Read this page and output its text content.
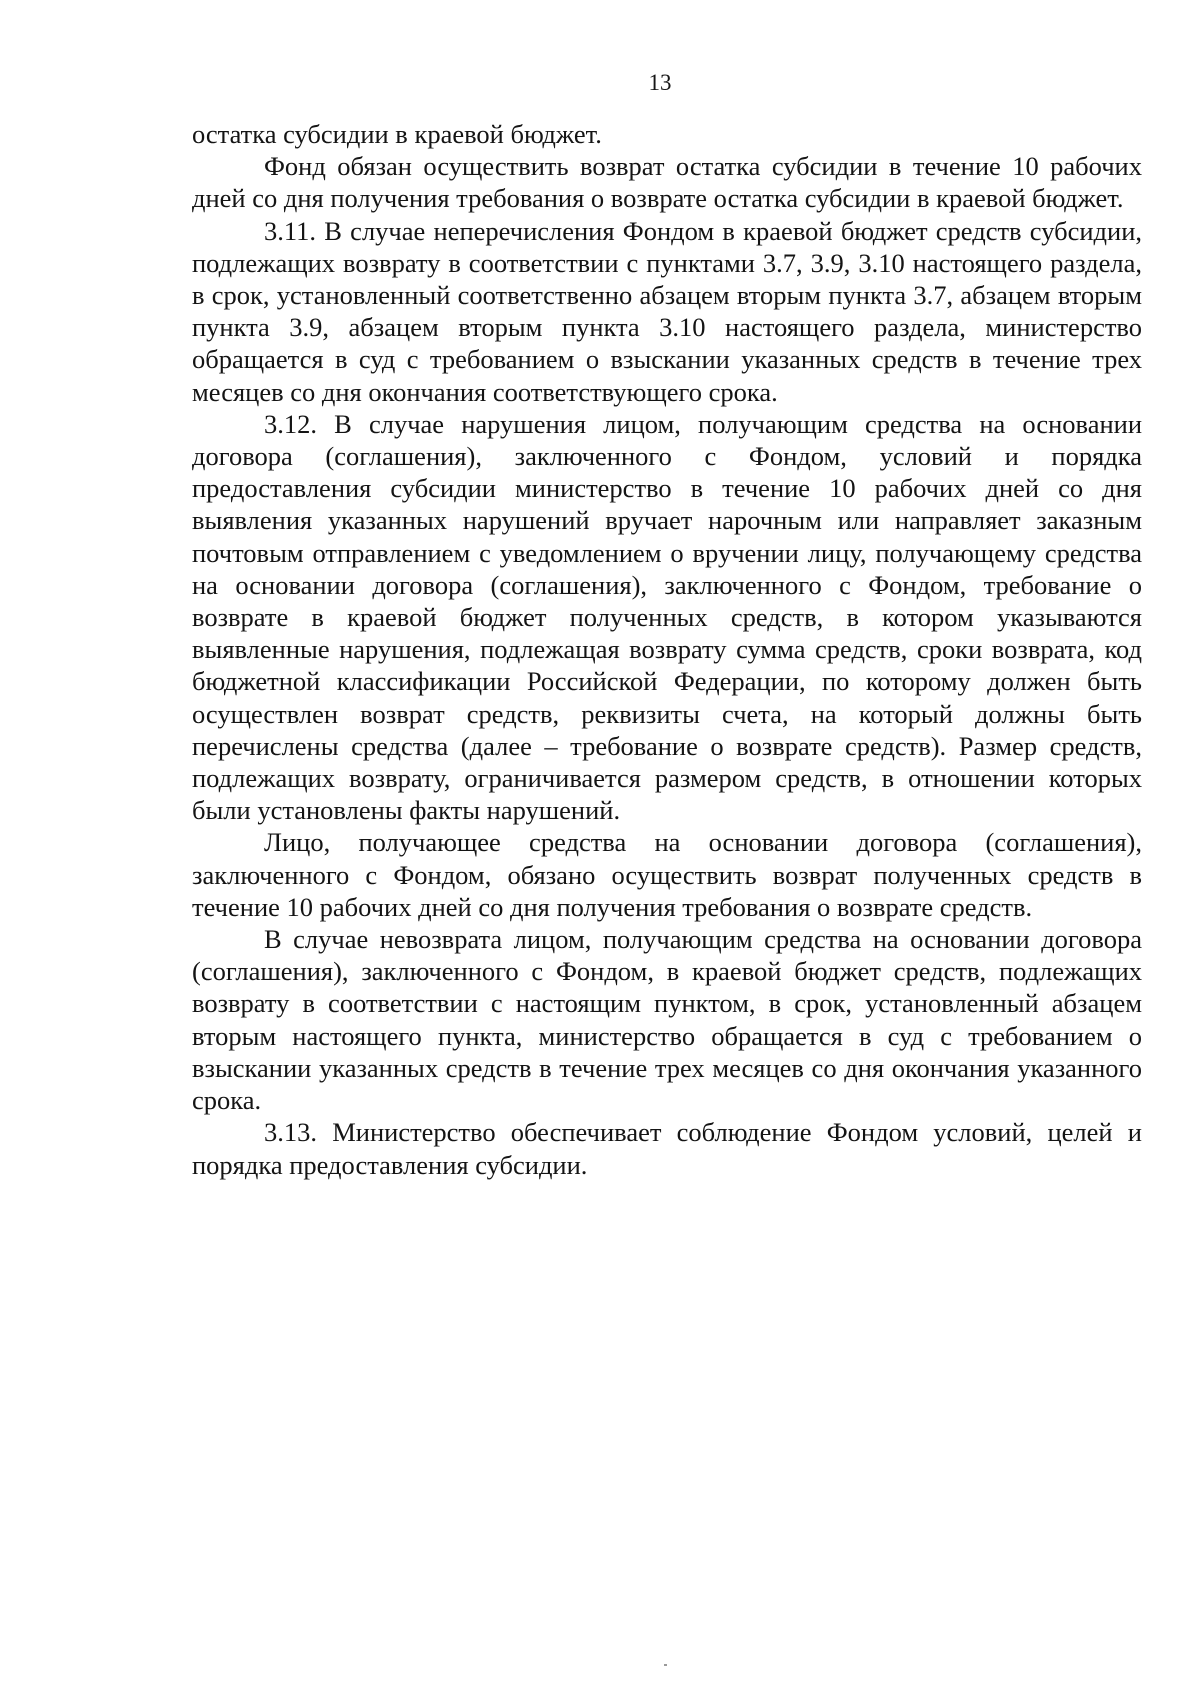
13

остатка субсидии в краевой бюджет.

Фонд обязан осуществить возврат остатка субсидии в течение 10 рабочих дней со дня получения требования о возврате остатка субсидии в краевой бюджет.

3.11. В случае неперечисления Фондом в краевой бюджет средств субсидии, подлежащих возврату в соответствии с пунктами 3.7, 3.9, 3.10 настоящего раздела, в срок, установленный соответственно абзацем вторым пункта 3.7, абзацем вторым пункта 3.9, абзацем вторым пункта 3.10 настоящего раздела, министерство обращается в суд с требованием о взыскании указанных средств в течение трех месяцев со дня окончания соответствующего срока.

3.12. В случае нарушения лицом, получающим средства на основании договора (соглашения), заключенного с Фондом, условий и порядка предоставления субсидии министерство в течение 10 рабочих дней со дня выявления указанных нарушений вручает нарочным или направляет заказным почтовым отправлением с уведомлением о вручении лицу, получающему средства на основании договора (соглашения), заключенного с Фондом, требование о возврате в краевой бюджет полученных средств, в котором указываются выявленные нарушения, подлежащая возврату сумма средств, сроки возврата, код бюджетной классификации Российской Федерации, по которому должен быть осуществлен возврат средств, реквизиты счета, на который должны быть перечислены средства (далее – требование о возврате средств). Размер средств, подлежащих возврату, ограничивается размером средств, в отношении которых были установлены факты нарушений.

Лицо, получающее средства на основании договора (соглашения), заключенного с Фондом, обязано осуществить возврат полученных средств в течение 10 рабочих дней со дня получения требования о возврате средств.

В случае невозврата лицом, получающим средства на основании договора (соглашения), заключенного с Фондом, в краевой бюджет средств, подлежащих возврату в соответствии с настоящим пунктом, в срок, установленный абзацем вторым настоящего пункта, министерство обращается в суд с требованием о взыскании указанных средств в течение трех месяцев со дня окончания указанного срока.

3.13. Министерство обеспечивает соблюдение Фондом условий, целей и порядка предоставления субсидии.
